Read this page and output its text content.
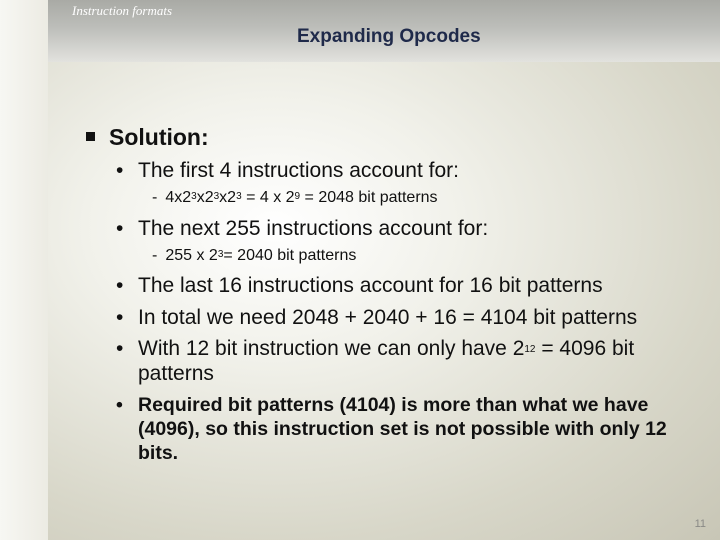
Instruction formats
Expanding Opcodes
Solution:
• The first 4 instructions account for:
- $4x2^3x2^3x2^3 = 4$ x $2^9 = 2048$ bit patterns
• The next 255 instructions account for:
- 255 x $2^3= 2040$ bit patterns
• The last 16 instructions account for 16 bit patterns
• In total we need 2048 + 2040 + 16 = 4104 bit patterns
• With 12 bit instruction we can only have $2^{12} = 4096$ bit patterns
• Required bit patterns (4104) is more than what we have (4096), so this instruction set is not possible with only 12 bits.
11
